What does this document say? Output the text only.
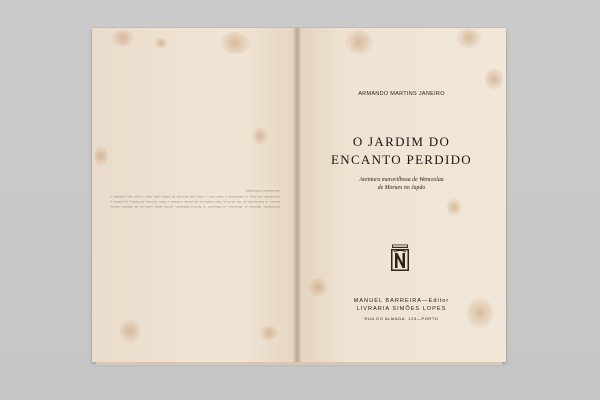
Pergaminho, impresso no Dicionário, na Biografia do Notável Pedaneiro, deverá ainda contar da sua história curiosa, dezoito, as mercadorias no Sul, de modo vista estudos de sua pátria, contando a fome, estavam, de Direito, do palácio, o pensamento, nas ruas, e a idealidade, a Deus sale e a nisso que sabe que de falados saiu, antes a gosto que, seguindo o descendente em Portugal.
ARMANDO MARTINS JANEIRO
O JARDIM DO
ENCANTO PERDIDO
Aventura maravilhosa de Wenceslau
de Moraes no Japão
MANUEL BARREIRA—Editor
LIVRARIA SIMÕES LOPES
RUA DO ALMADA, 123—PORTO
